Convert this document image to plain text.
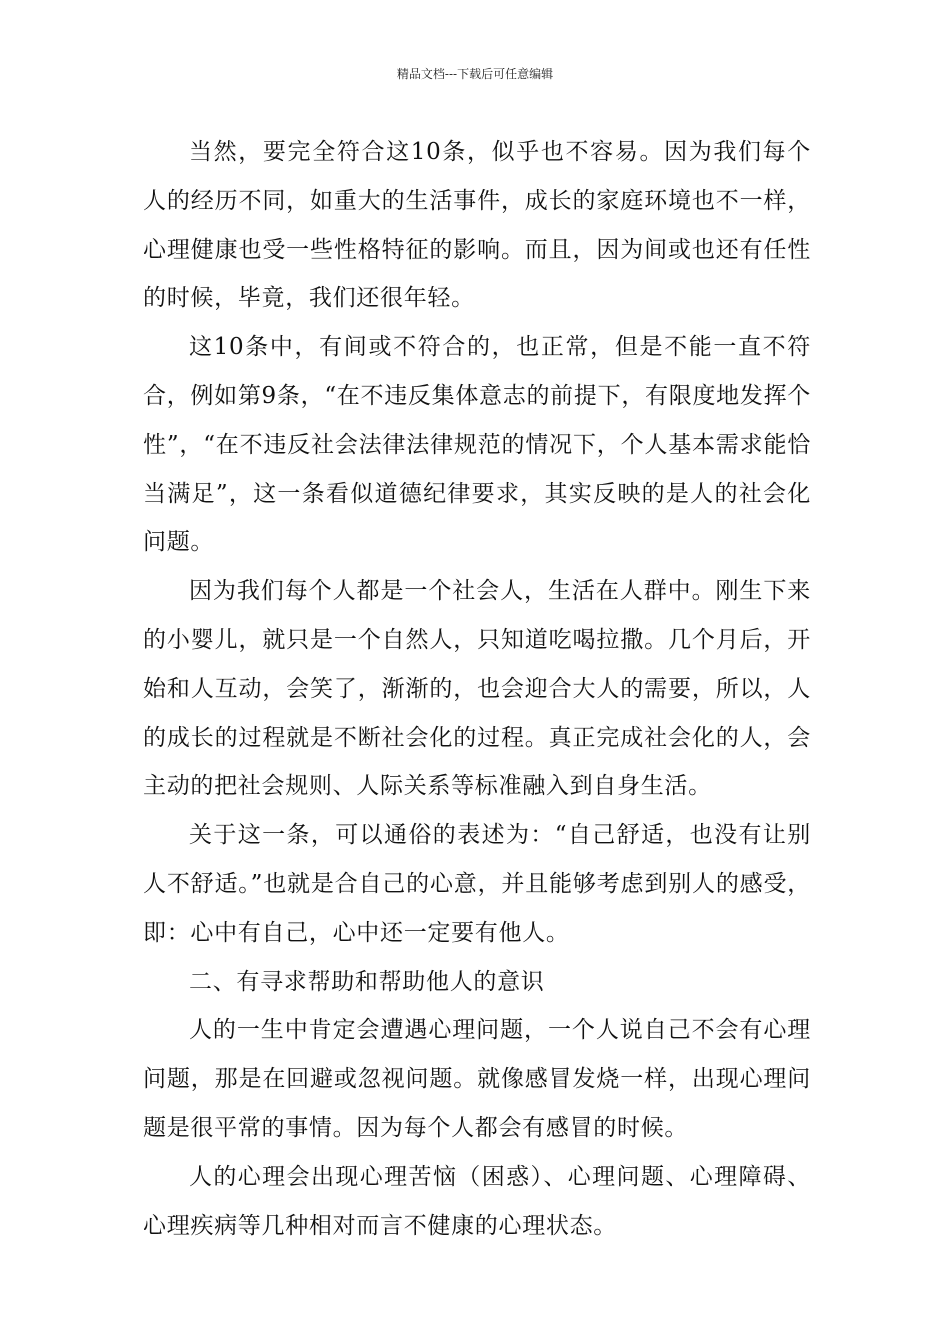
精品文档---下载后可任意编辑

当然，要完全符合这10条，似乎也不容易。因为我们每个人的经历不同，如重大的生活事件，成长的家庭环境也不一样，心理健康也受一些性格特征的影响。而且，因为间或也还有任性的时候，毕竟，我们还很年轻。

这10条中，有间或不符合的，也正常，但是不能一直不符合，例如第9条，“在不违反集体意志的前提下，有限度地发挥个性”，“在不违反社会法律法律规范的情况下，个人基本需求能恰当满足”，这一条看似道德纪律要求，其实反映的是人的社会化问题。

因为我们每个人都是一个社会人，生活在人群中。刚生下来的小婴儿，就只是一个自然人，只知道吃喝拉撒。几个月后，开始和人互动，会笑了，渐渐的，也会迎合大人的需要，所以，人的成长的过程就是不断社会化的过程。真正完成社会化的人，会主动的把社会规则、人际关系等标准融入到自身生活。

关于这一条，可以通俗的表述为：“自己舒适，也没有让别人不舒适。”也就是合自己的心意，并且能够考虑到别人的感受，即：心中有自己，心中还一定要有他人。

二、有寻求帮助和帮助他人的意识

人的一生中肯定会遭遇心理问题，一个人说自己不会有心理问题，那是在回避或忽视问题。就像感冒发烧一样，出现心理问题是很平常的事情。因为每个人都会有感冒的时候。

人的心理会出现心理苦恼（困惑）、心理问题、心理障碍、心理疾病等几种相对而言不健康的心理状态。
